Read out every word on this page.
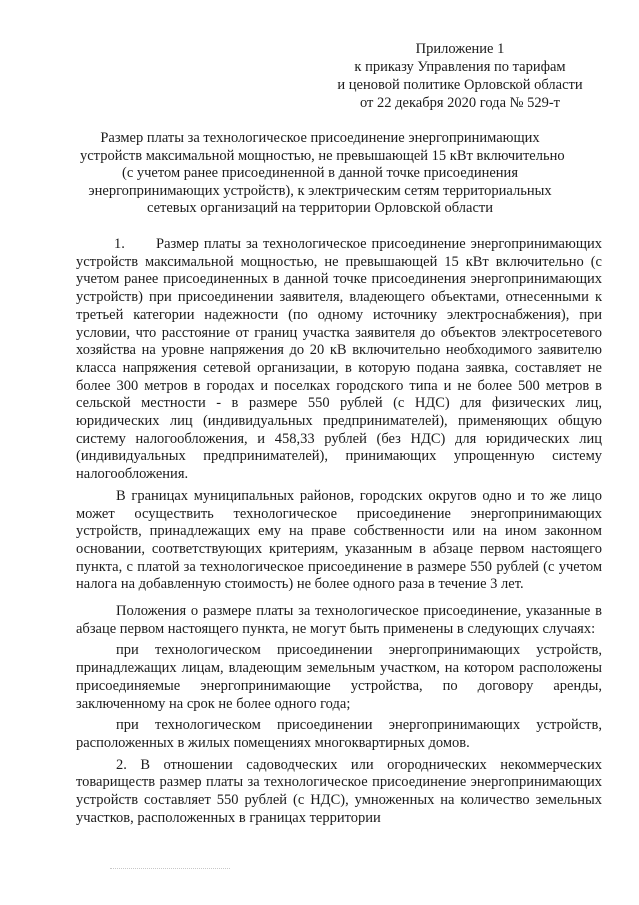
Приложение 1
к приказу Управления по тарифам
и ценовой политике Орловской области
от 22 декабря 2020 года № 529-т
Размер платы за технологическое присоединение энергопринимающих
устройств максимальной мощностью, не превышающей 15 кВт включительно
(с учетом ранее присоединенной в данной точке присоединения
энергопринимающих устройств), к электрическим сетям территориальных
сетевых организаций на территории Орловской области

1. Размер платы за технологическое присоединение энергопринимающих устройств максимальной мощностью, не превышающей 15 кВт включительно (с учетом ранее присоединенных в данной точке присоединения энергопринимающих устройств) при присоединении заявителя, владеющего объектами, отнесенными к третьей категории надежности (по одному источнику электроснабжения), при условии, что расстояние от границ участка заявителя до объектов электросетевого хозяйства на уровне напряжения до 20 кВ включительно необходимого заявителю класса напряжения сетевой организации, в которую подана заявка, составляет не более 300 метров в городах и поселках городского типа и не более 500 метров в сельской местности - в размере 550 рублей (с НДС) для физических лиц, юридических лиц (индивидуальных предпринимателей), применяющих общую систему налогообложения, и 458,33 рублей (без НДС) для юридических лиц (индивидуальных предпринимателей), принимающих упрощенную систему налогообложения.

В границах муниципальных районов, городских округов одно и то же лицо может осуществить технологическое присоединение энергопринимающих устройств, принадлежащих ему на праве собственности или на ином законном основании, соответствующих критериям, указанным в абзаце первом настоящего пункта, с платой за технологическое присоединение в размере 550 рублей (с учетом налога на добавленную стоимость) не более одного раза в течение 3 лет.

Положения о размере платы за технологическое присоединение, указанные в абзаце первом настоящего пункта, не могут быть применены в следующих случаях:

при технологическом присоединении энергопринимающих устройств, принадлежащих лицам, владеющим земельным участком, на котором расположены присоединяемые энергопринимающие устройства, по договору аренды, заключенному на срок не более одного года;

при технологическом присоединении энергопринимающих устройств, расположенных в жилых помещениях многоквартирных домов.

2. В отношении садоводческих или огороднических некоммерческих товариществ размер платы за технологическое присоединение энергопринимающих устройств составляет 550 рублей (с НДС), умноженных на количество земельных участков, расположенных в границах территории
